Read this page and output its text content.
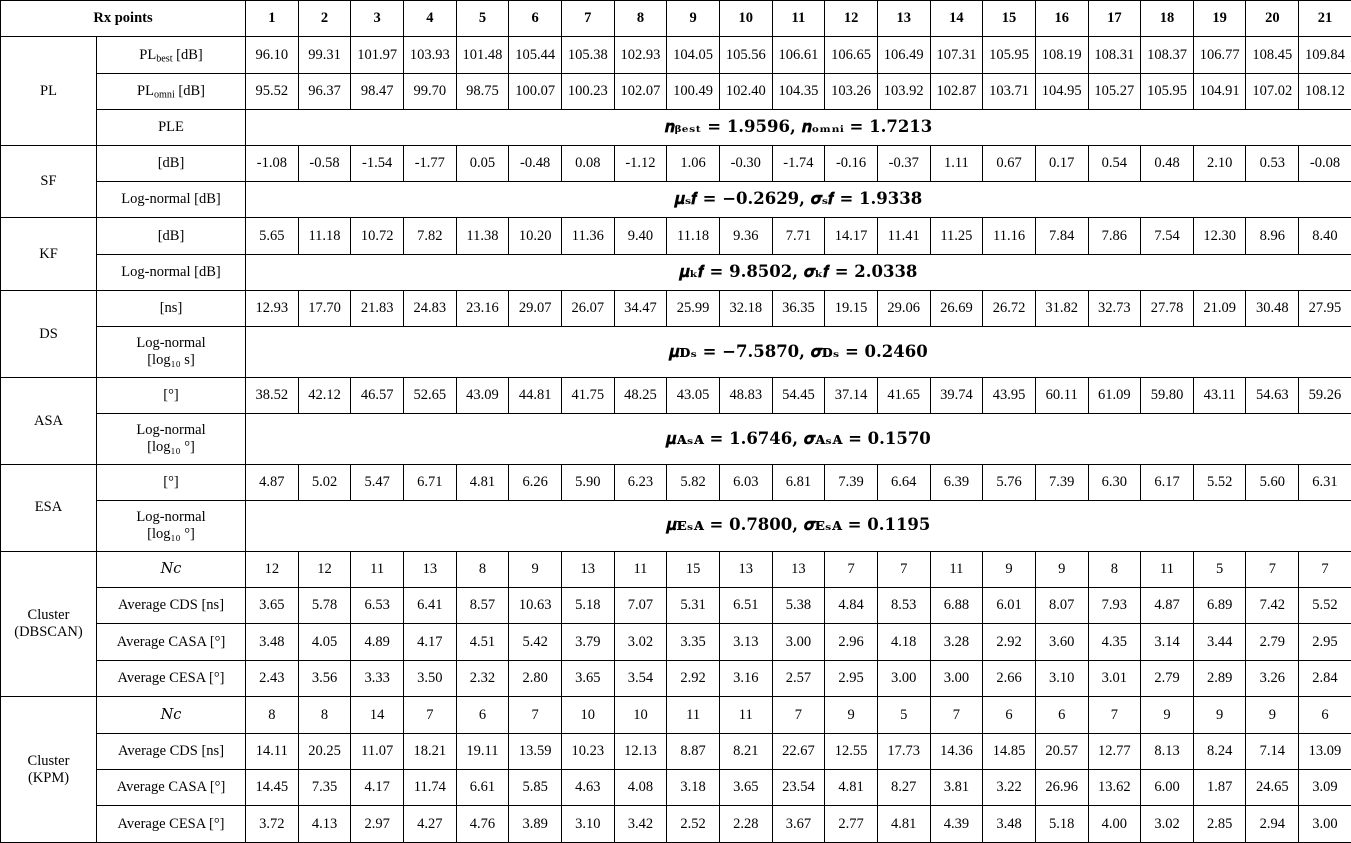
Rx points		1	2	3	4	5	6	7	8	9	10	11	12	13	14	15	16	17	18	19	20	21
PL	$PL_{best}$ [dB]	96.10	99.31	101.97	103.93	101.48	105.44	105.38	102.93	104.05	105.56	106.61	106.65	106.49	107.31	105.95	108.19	108.31	108.37	106.77	108.45	109.84
	$PL_{omni}$ [dB]	95.52	96.37	98.47	99.70	98.75	100.07	100.23	102.07	100.49	102.40	104.35	103.26	103.92	102.87	103.71	104.95	105.27	105.95	104.91	107.02	108.12
	PLE	𝒏ᵦₑₛₜ = 𝟏.𝟗𝟓𝟗𝟔, 𝒏ₒₘₙᵢ = 𝟏.𝟕𝟐𝟏𝟑																				
SF	[dB]	-1.08	-0.58	-1.54	-1.77	0.05	-0.48	0.08	-1.12	1.06	-0.30	-1.74	-0.16	-0.37	1.11	0.67	0.17	0.54	0.48	2.10	0.53	-0.08
	Log-normal [dB]	𝝁ₛ𝒇 = −𝟎.𝟐𝟔𝟐𝟗, 𝝈ₛ𝒇 = 𝟏.𝟗𝟑𝟑𝟖																				
KF	[dB]	5.65	11.18	10.72	7.82	11.38	10.20	11.36	9.40	11.18	9.36	7.71	14.17	11.41	11.25	11.16	7.84	7.86	7.54	12.30	8.96	8.40
	Log-normal [dB]	𝝁ₖ𝒇 = 𝟗.𝟖𝟓𝟎𝟐, 𝝈ₖ𝒇 = 𝟐.𝟎𝟑𝟑𝟖																				
DS	[ns]	12.93	17.70	21.83	24.83	23.16	29.07	26.07	34.47	25.99	32.18	36.35	19.15	29.06	26.69	26.72	31.82	32.73	27.78	21.09	30.48	27.95
	Log-normal
[log₁₀ s]	𝝁ᴅₛ = −𝟕.𝟓𝟖𝟕𝟎, 𝝈ᴅₛ = 𝟎.𝟐𝟒𝟔𝟎																				
ASA	[°]	38.52	42.12	46.57	52.65	43.09	44.81	41.75	48.25	43.05	48.83	54.45	37.14	41.65	39.74	43.95	60.11	61.09	59.80	43.11	54.63	59.26
	Log-normal
[log₁₀ °]	𝝁ᴀₛᴀ = 𝟏.𝟔𝟕𝟒𝟔, 𝝈ᴀₛᴀ = 𝟎.𝟏𝟓𝟕𝟎																				
ESA	[°]	4.87	5.02	5.47	6.71	4.81	6.26	5.90	6.23	5.82	6.03	6.81	7.39	6.64	6.39	5.76	7.39	6.30	6.17	5.52	5.60	6.31
	Log-normal
[log₁₀ °]	𝝁ᴇₛᴀ = 𝟎.𝟕𝟖𝟎𝟎, 𝝈ᴇₛᴀ = 𝟎.𝟏𝟏𝟗𝟓																				
Cluster
(DBSCAN)	𝑁𝑐	12	12	11	13	8	9	13	11	15	13	13	7	7	11	9	9	8	11	5	7	7
	Average CDS [ns]	3.65	5.78	6.53	6.41	8.57	10.63	5.18	7.07	5.31	6.51	5.38	4.84	8.53	6.88	6.01	8.07	7.93	4.87	6.89	7.42	5.52
	Average CASA [°]	3.48	4.05	4.89	4.17	4.51	5.42	3.79	3.02	3.35	3.13	3.00	2.96	4.18	3.28	2.92	3.60	4.35	3.14	3.44	2.79	2.95
	Average CESA [°]	2.43	3.56	3.33	3.50	2.32	2.80	3.65	3.54	2.92	3.16	2.57	2.95	3.00	3.00	2.66	3.10	3.01	2.79	2.89	3.26	2.84
Cluster
(KPM)	𝑁𝑐	8	8	14	7	6	7	10	10	11	11	7	9	5	7	6	6	7	9	9	9	6
	Average CDS [ns]	14.11	20.25	11.07	18.21	19.11	13.59	10.23	12.13	8.87	8.21	22.67	12.55	17.73	14.36	14.85	20.57	12.77	8.13	8.24	7.14	13.09
	Average CASA [°]	14.45	7.35	4.17	11.74	6.61	5.85	4.63	4.08	3.18	3.65	23.54	4.81	8.27	3.81	3.22	26.96	13.62	6.00	1.87	24.65	3.09
	Average CESA [°]	3.72	4.13	2.97	4.27	4.76	3.89	3.10	3.42	2.52	2.28	3.67	2.77	4.81	4.39	3.48	5.18	4.00	3.02	2.85	2.94	3.00
